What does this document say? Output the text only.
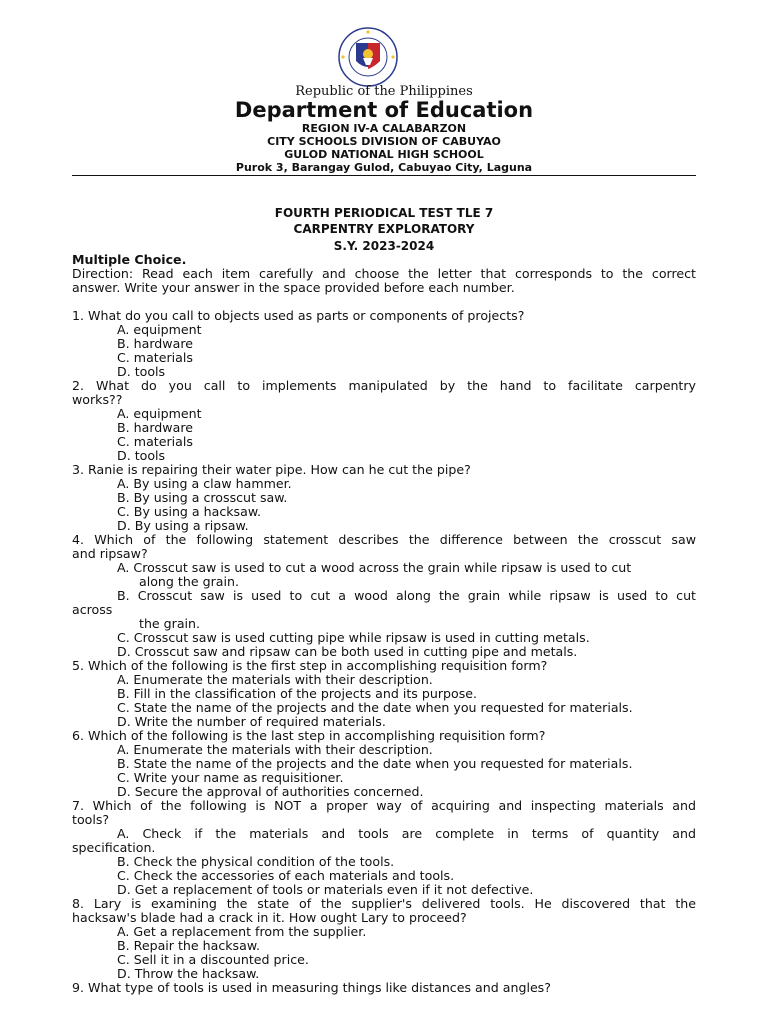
Republic of the Philippines
Department of Education
REGION IV-A CALABARZON
CITY SCHOOLS DIVISION OF CABUYAO
GULOD NATIONAL HIGH SCHOOL
Purok 3, Barangay Gulod, Cabuyao City, Laguna
FOURTH PERIODICAL TEST TLE 7
CARPENTRY EXPLORATORY
S.Y. 2023-2024
Multiple Choice.
Direction: Read each item carefully and choose the letter that corresponds to the correct
answer. Write your answer in the space provided before each number.
1. What do you call to objects used as parts or components of projects?
A. equipment
B. hardware
C. materials
D. tools
2. What do you call to implements manipulated by the hand to facilitate carpentry
works??
A. equipment
B. hardware
C. materials
D. tools
3. Ranie is repairing their water pipe. How can he cut the pipe?
A. By using a claw hammer.
B. By using a crosscut saw.
C. By using a hacksaw.
D. By using a ripsaw.
4. Which of the following statement describes the difference between the crosscut saw
and ripsaw?
A. Crosscut saw is used to cut a wood across the grain while ripsaw is used to cut
along the grain.
B. Crosscut saw is used to cut a wood along the grain while ripsaw is used to cut
across
the grain.
C. Crosscut saw is used cutting pipe while ripsaw is used in cutting metals.
D. Crosscut saw and ripsaw can be both used in cutting pipe and metals.
5. Which of the following is the first step in accomplishing requisition form?
A. Enumerate the materials with their description.
B. Fill in the classification of the projects and its purpose.
C. State the name of the projects and the date when you requested for materials.
D. Write the number of required materials.
6. Which of the following is the last step in accomplishing requisition form?
A. Enumerate the materials with their description.
B. State the name of the projects and the date when you requested for materials.
C. Write your name as requisitioner.
D. Secure the approval of authorities concerned.
7. Which of the following is NOT a proper way of acquiring and inspecting materials and
tools?
A. Check if the materials and tools are complete in terms of quantity and
specification.
B. Check the physical condition of the tools.
C. Check the accessories of each materials and tools.
D. Get a replacement of tools or materials even if it not defective.
8. Lary is examining the state of the supplier's delivered tools. He discovered that the
hacksaw's blade had a crack in it. How ought Lary to proceed?
A. Get a replacement from the supplier.
B. Repair the hacksaw.
C. Sell it in a discounted price.
D. Throw the hacksaw.
9. What type of tools is used in measuring things like distances and angles?
